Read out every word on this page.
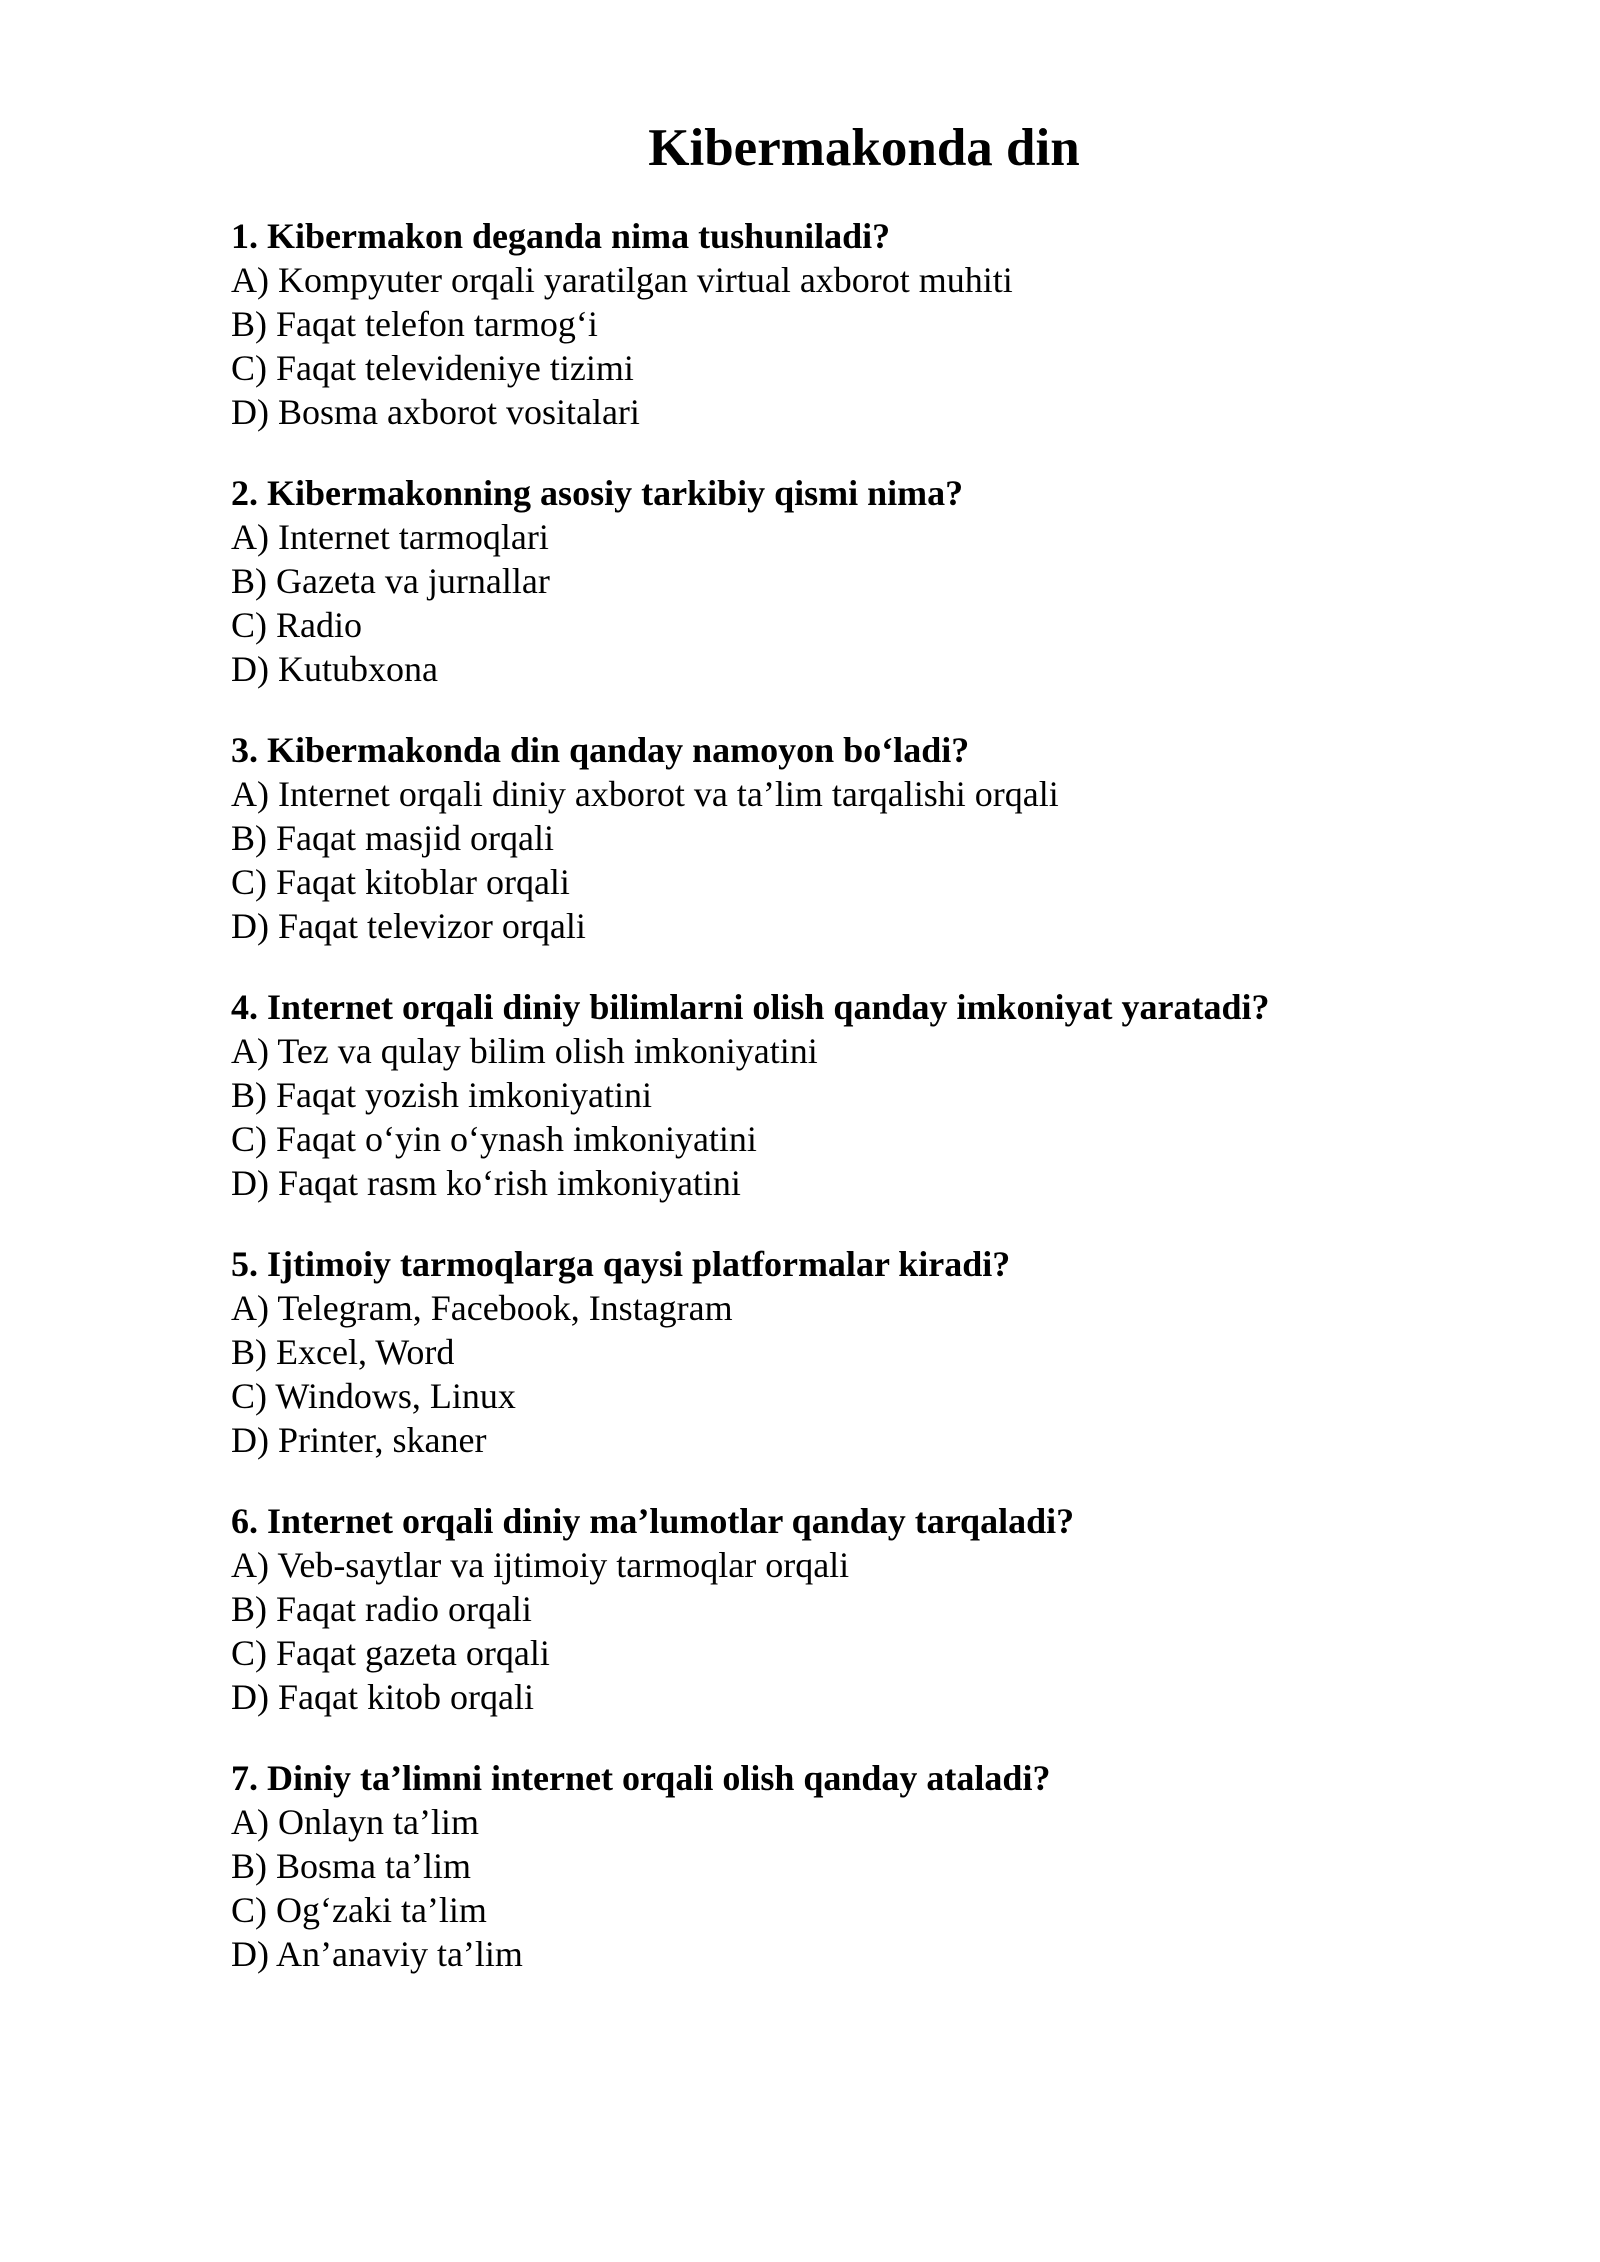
Kibermakonda din

1. Kibermakon deganda nima tushuniladi?

A) Kompyuter orqali yaratilgan virtual axborot muhiti
B) Faqat telefon tarmog‘i
C) Faqat televideniye tizimi
D) Bosma axborot vositalari

2. Kibermakonning asosiy tarkibiy qismi nima?

A) Internet tarmoqlari
B) Gazeta va jurnallar
C) Radio
D) Kutubxona

3. Kibermakonda din qanday namoyon bo‘ladi?

A) Internet orqali diniy axborot va ta’lim tarqalishi orqali
B) Faqat masjid orqali
C) Faqat kitoblar orqali
D) Faqat televizor orqali

4. Internet orqali diniy bilimlarni olish qanday imkoniyat yaratadi?

A) Tez va qulay bilim olish imkoniyatini
B) Faqat yozish imkoniyatini
C) Faqat o‘yin o‘ynash imkoniyatini
D) Faqat rasm ko‘rish imkoniyatini

5. Ijtimoiy tarmoqlarga qaysi platformalar kiradi?

A) Telegram, Facebook, Instagram
B) Excel, Word
C) Windows, Linux
D) Printer, skaner

6. Internet orqali diniy ma’lumotlar qanday tarqaladi?

A) Veb-saytlar va ijtimoiy tarmoqlar orqali
B) Faqat radio orqali
C) Faqat gazeta orqali
D) Faqat kitob orqali

7. Diniy ta’limni internet orqali olish qanday ataladi?

A) Onlayn ta’lim
B) Bosma ta’lim
C) Og‘zaki ta’lim
D) An’anaviy ta’lim
